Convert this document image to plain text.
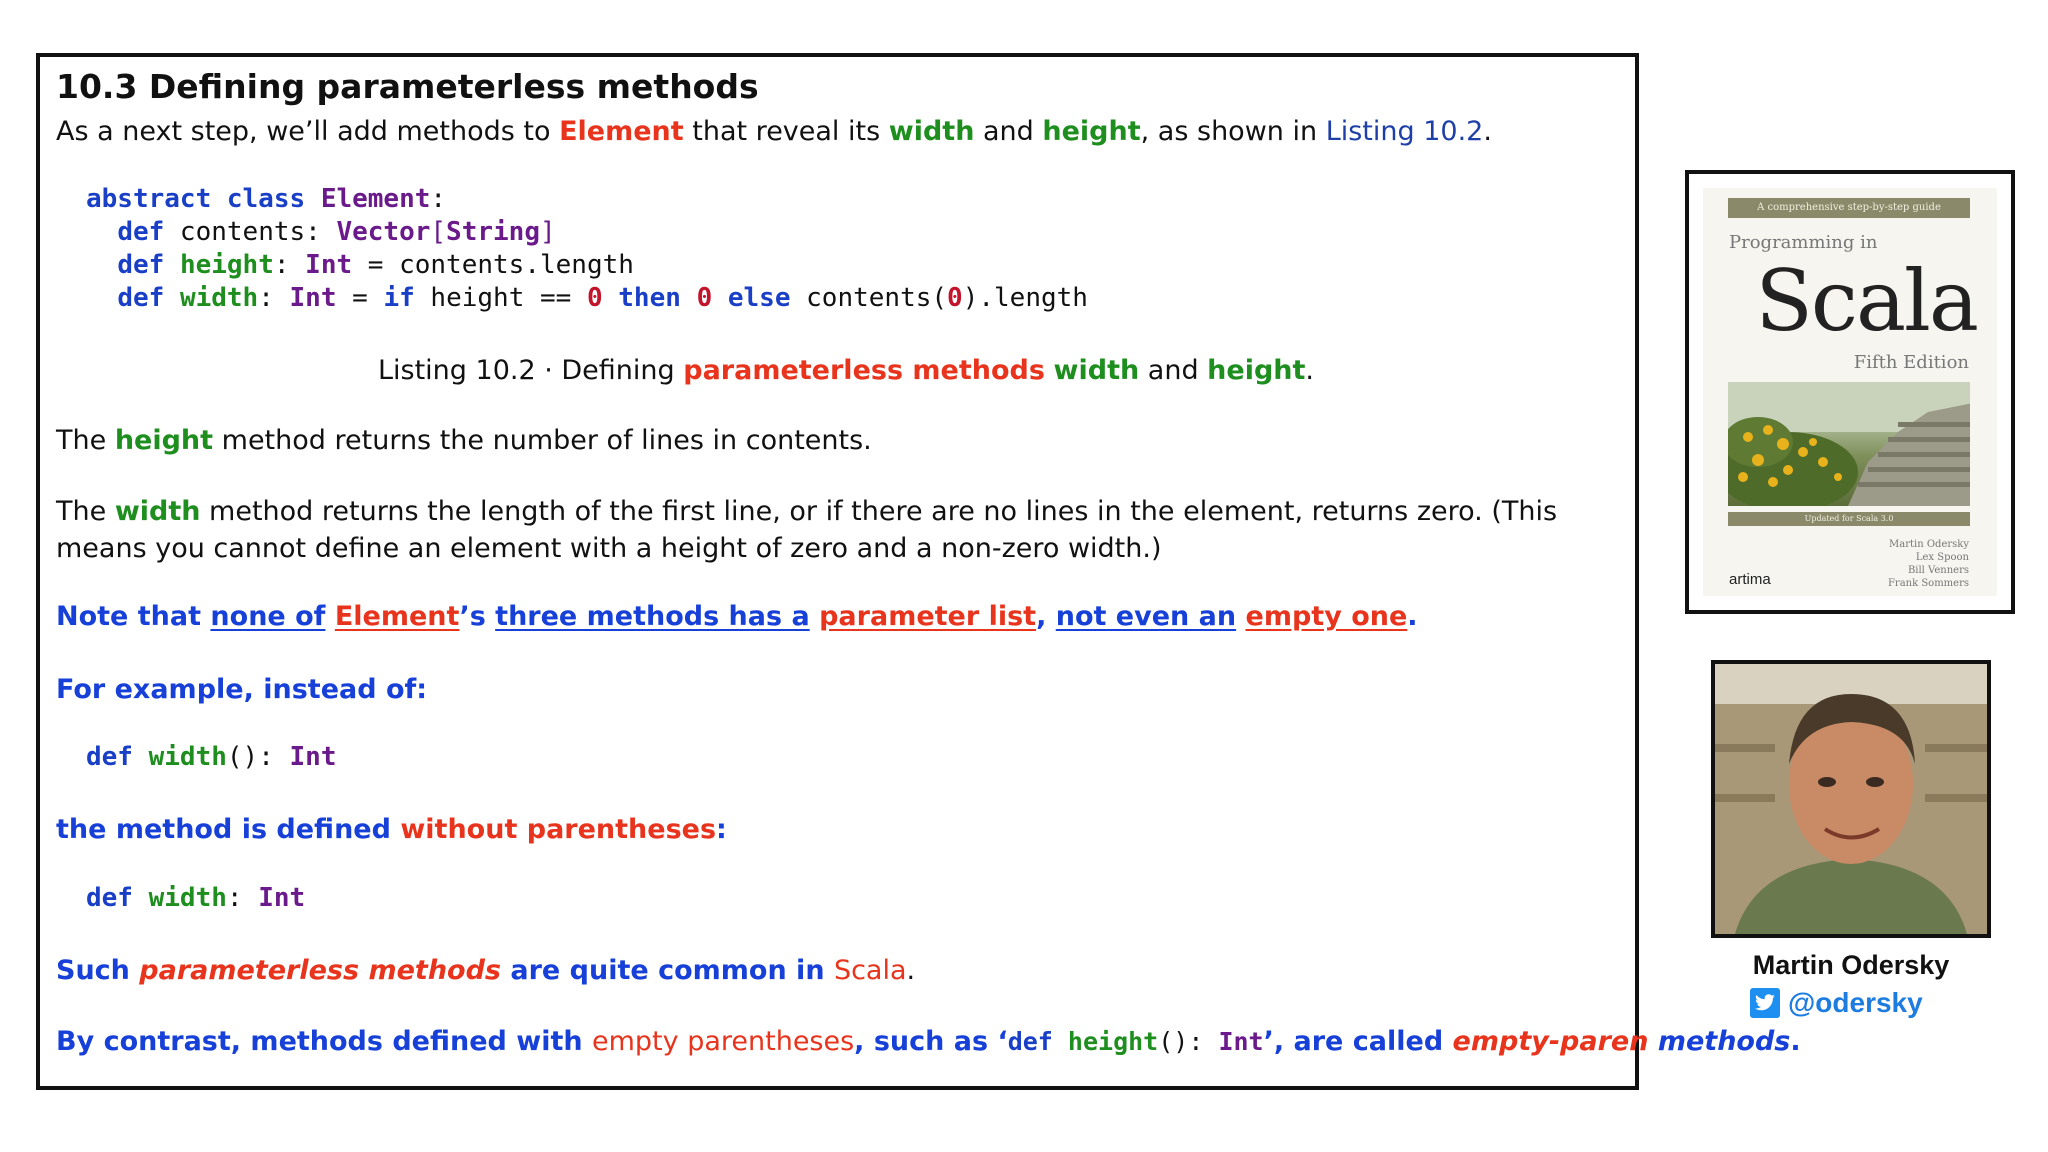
10.3 Defining parameterless methods
As a next step, we’ll add methods to Element that reveal its width and height, as shown in Listing 10.2.
abstract class Element:
def contents: Vector[String]
def height: Int = contents.length
def width: Int = if height == 0 then 0 else contents(0).length
Listing 10.2 · Defining parameterless methods width and height.
The height method returns the number of lines in contents.
The width method returns the length of the first line, or if there are no lines in the element, returns zero. (This means you cannot define an element with a height of zero and a non-zero width.)
Note that none of Element’s three methods has a parameter list, not even an empty one.
For example, instead of:
def width(): Int
the method is defined without parentheses:
def width: Int
Such parameterless methods are quite common in Scala.
By contrast, methods defined with empty parentheses, such as ‘def height(): Int’, are called empty-paren methods.
A comprehensive step-by-step guide
Programming in
Scala
Fifth Edition
Updated for Scala 3.0
Martin Odersky
Lex Spoon
Bill Venners
Frank Sommers
artima
Martin Odersky
@odersky
